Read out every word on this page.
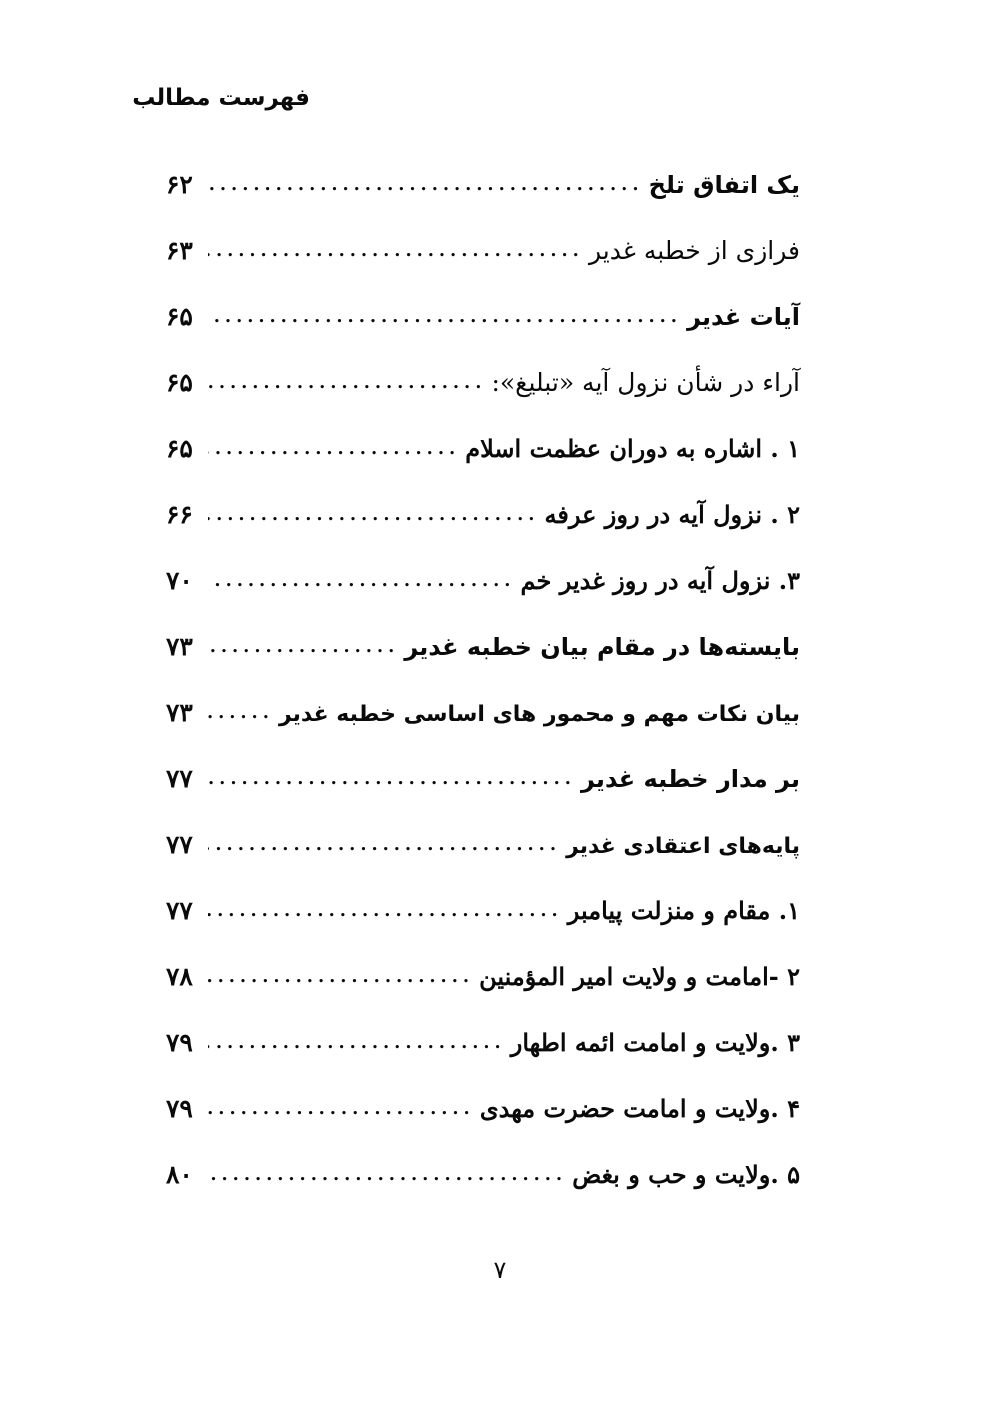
فهرست مطالب
یک اتفاق تلخ
.....
۶۲
فرازی از خطبه غدیر
.....
۶۳
آیات غدیر
.....
۶۵
آراء در شأن نزول آیه «تبلیغ»:
.....
۶۵
۱ . اشاره به دوران عظمت اسلام
.....
۶۵
۲ . نزول آیه در روز عرفه
.....
۶۶
۳. نزول آیه در روز غدیر خم
.....
۷۰
بایسته‌ها در مقام بیان خطبه غدیر
.....
۷۳
بیان نکات مهم و محمور های اساسی خطبه غدیر
.....
۷۳
بر مدار خطبه غدیر
.....
۷۷
پایه‌های اعتقادی غدیر
.....
۷۷
۱. مقام و منزلت پیامبر
.....
۷۷
۲ -امامت و ولایت امیر المؤمنین
.....
۷۸
۳ .ولایت و امامت ائمه اطهار
.....
۷۹
۴ .ولایت و امامت حضرت مهدی
.....
۷۹
۵ .ولایت و حب و بغض
.....
۸۰
۷
